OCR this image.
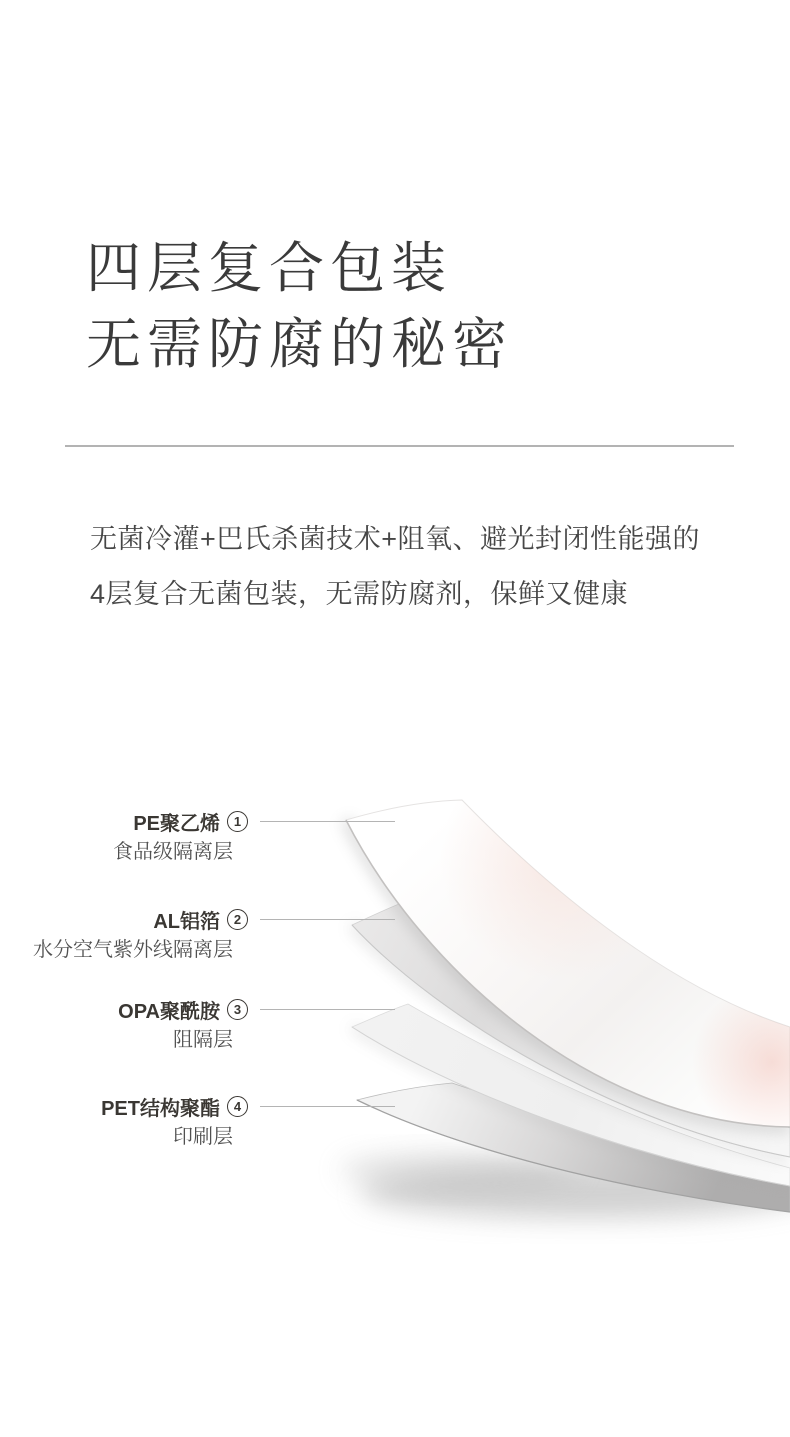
四层复合包装
无需防腐的秘密

无菌冷灌+巴氏杀菌技术+阻氧、避光封闭性能强的
4层复合无菌包装，无需防腐剂，保鲜又健康

PE聚乙烯 1
食品级隔离层
AL铝箔 2
水分空气紫外线隔离层
OPA聚酰胺 3
阻隔层
PET结构聚酯 4
印刷层
